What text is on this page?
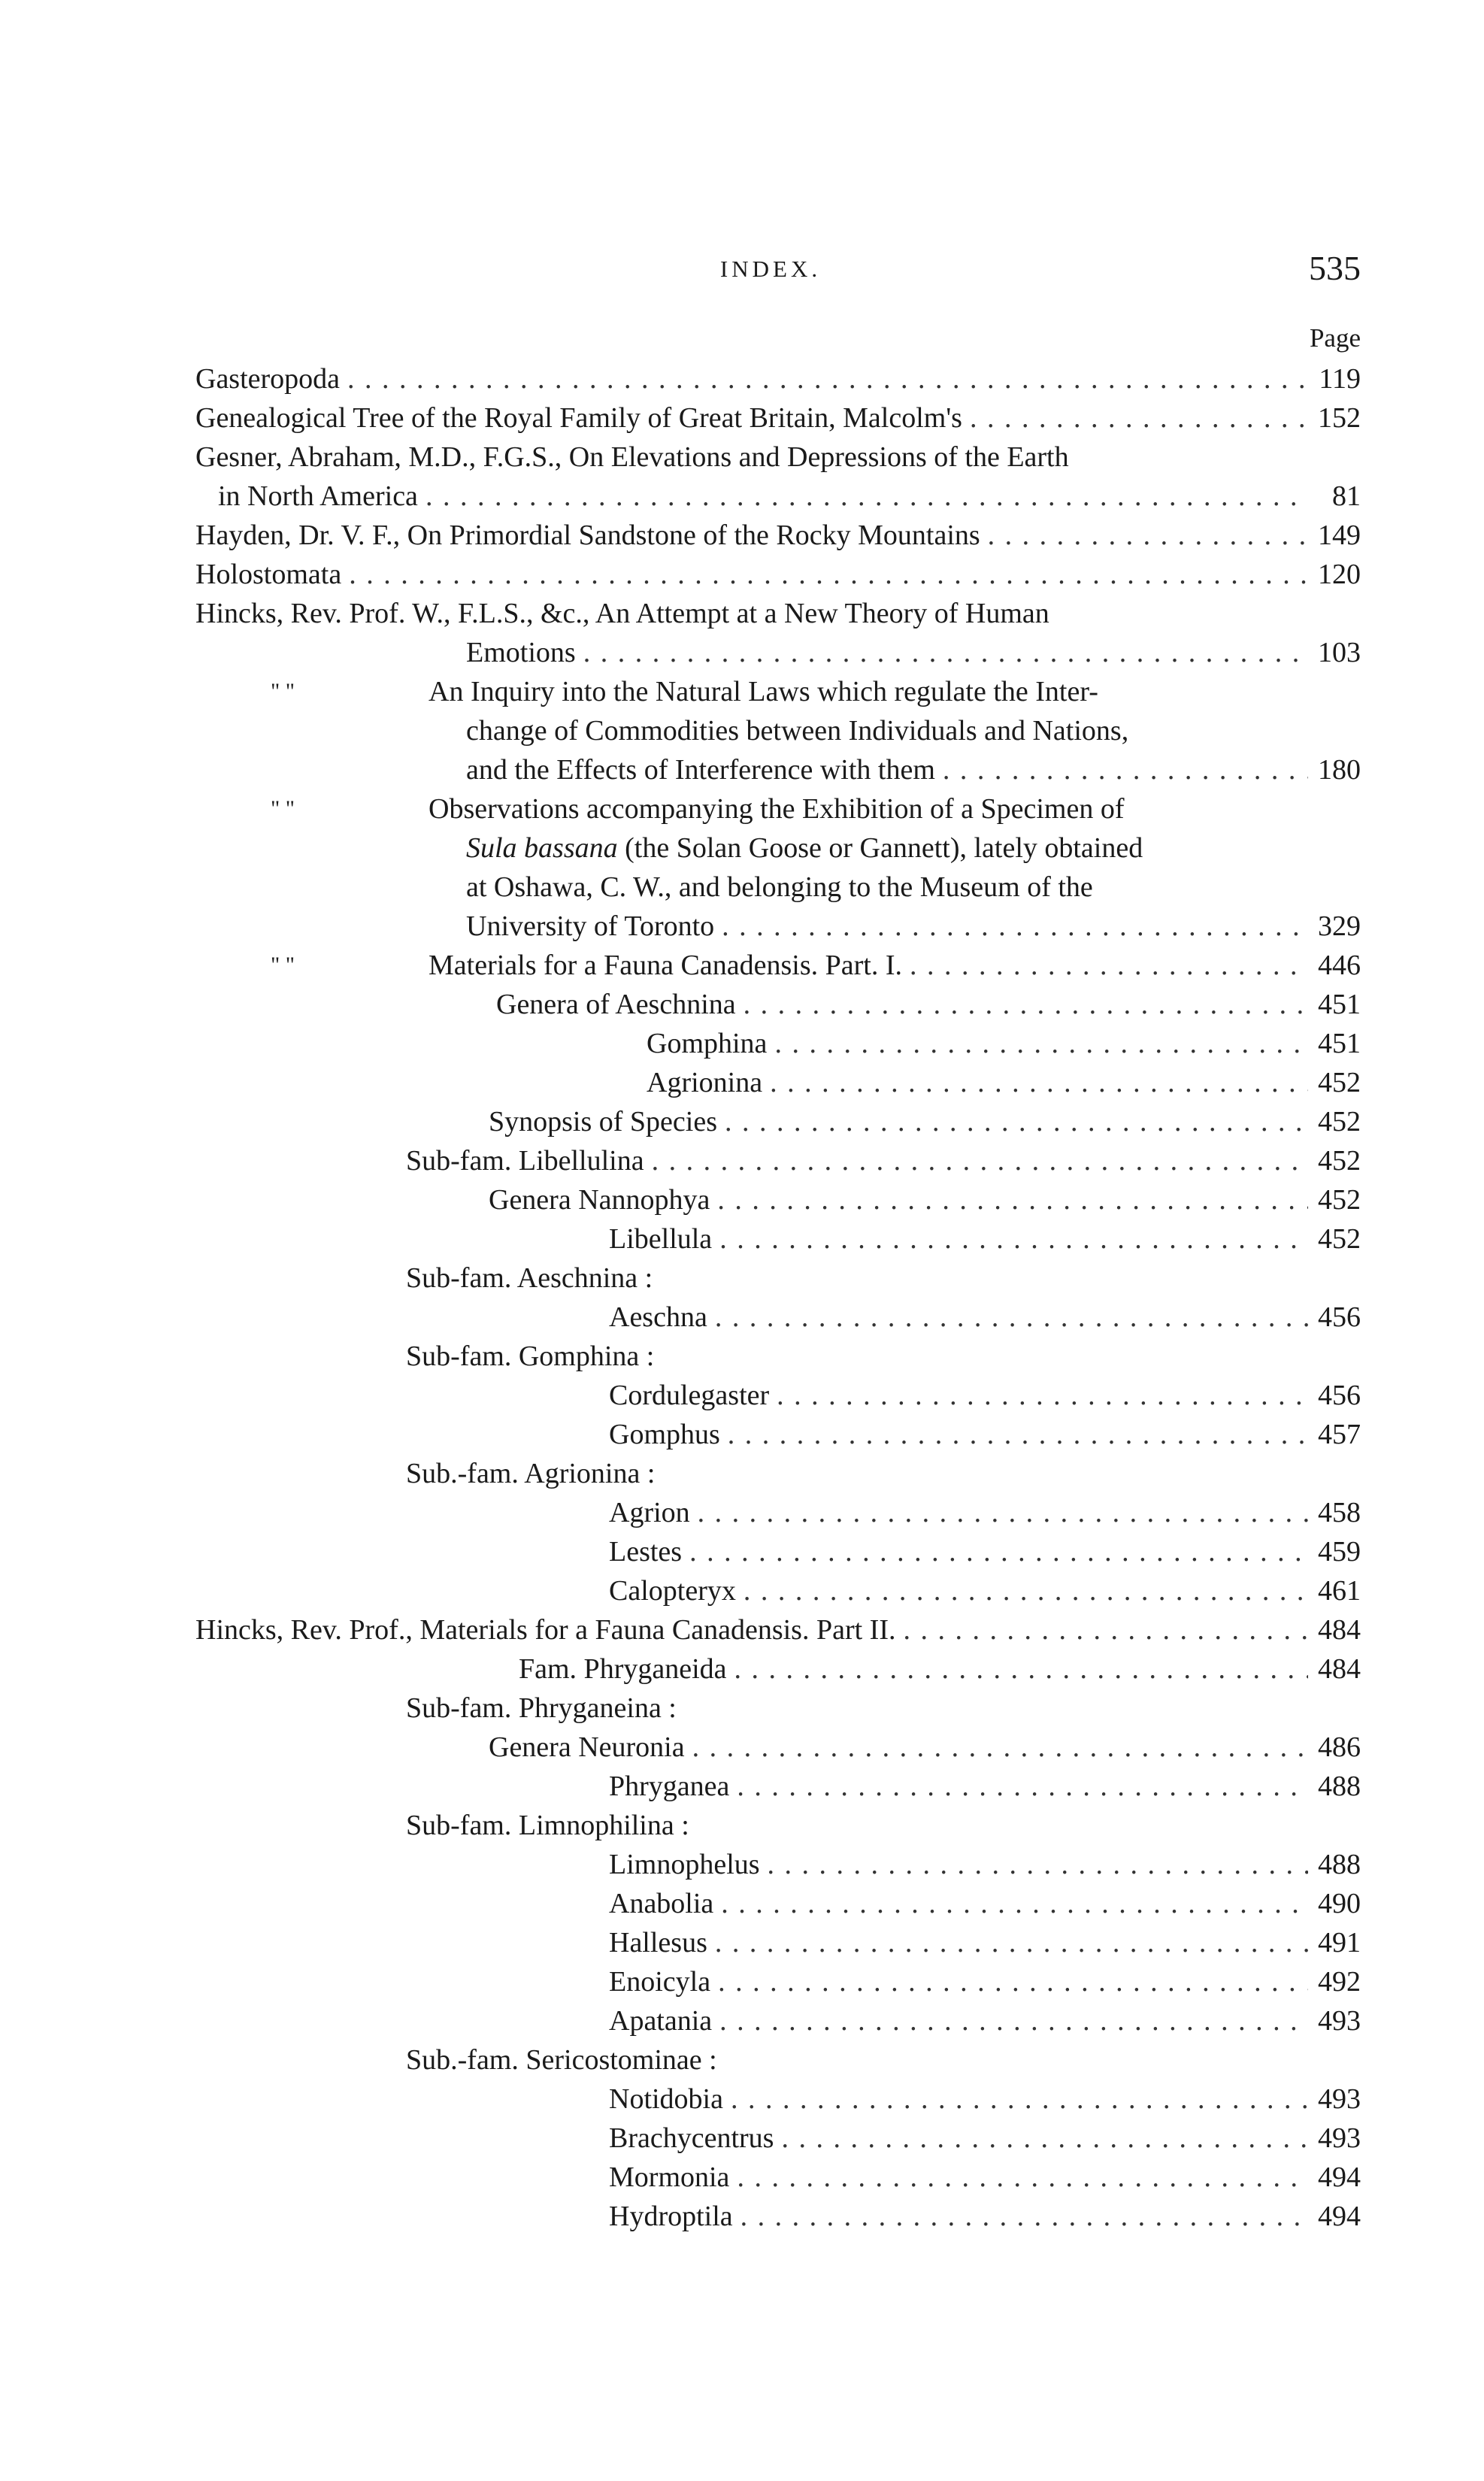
INDEX.	535
Page
Gasteropoda . . .	119
Genealogical Tree of the Royal Family of Great Britain, Malcolm's . . .	152
Gesner, Abraham, M.D., F.G.S., On Elevations and Depressions of the Earth
in North America . . .	81
Hayden, Dr. V. F., On Primordial Sandstone of the Rocky Mountains . . .	149
Holostomata . . .	120
Hincks, Rev. Prof. W., F.L.S., &c., An Attempt at a New Theory of Human
Emotions . . .	103
" "	An Inquiry into the Natural Laws which regulate the Inter-
change of Commodities between Individuals and Nations,
and the Effects of Interference with them . . .	180
" "	Observations accompanying the Exhibition of a Specimen of
Sula bassana (the Solan Goose or Gannett), lately obtained
at Oshawa, C. W., and belonging to the Museum of the
University of Toronto . . .	329
" "	Materials for a Fauna Canadensis. Part. I. . . .	446
Genera of Aeschnina . . .	451
Gomphina . . .	451
Agrionina . . .	452
Synopsis of Species . . .	452
Sub-fam. Libellulina . . .	452
Genera Nannophya . . .	452
Libellula . . .	452
Sub-fam. Aeschnina :
Aeschna . . .	456
Sub-fam. Gomphina :
Cordulegaster . . .	456
Gomphus . . .	457
Sub.-fam. Agrionina :
Agrion . . .	458
Lestes . . .	459
Calopteryx . . .	461
Hincks, Rev. Prof., Materials for a Fauna Canadensis. Part II. . . .	484
Fam. Phryganeida . . .	484
Sub-fam. Phryganeina :
Genera Neuronia . . .	486
Phryganea . . .	488
Sub-fam. Limnophilina :
Limnophelus . . .	488
Anabolia . . .	490
Hallesus . . .	491
Enoicyla . . .	492
Apatania . . .	493
Sub.-fam. Sericostominae :
Notidobia . . .	493
Brachycentrus . . .	493
Mormonia . . .	494
Hydroptila . . .	494
